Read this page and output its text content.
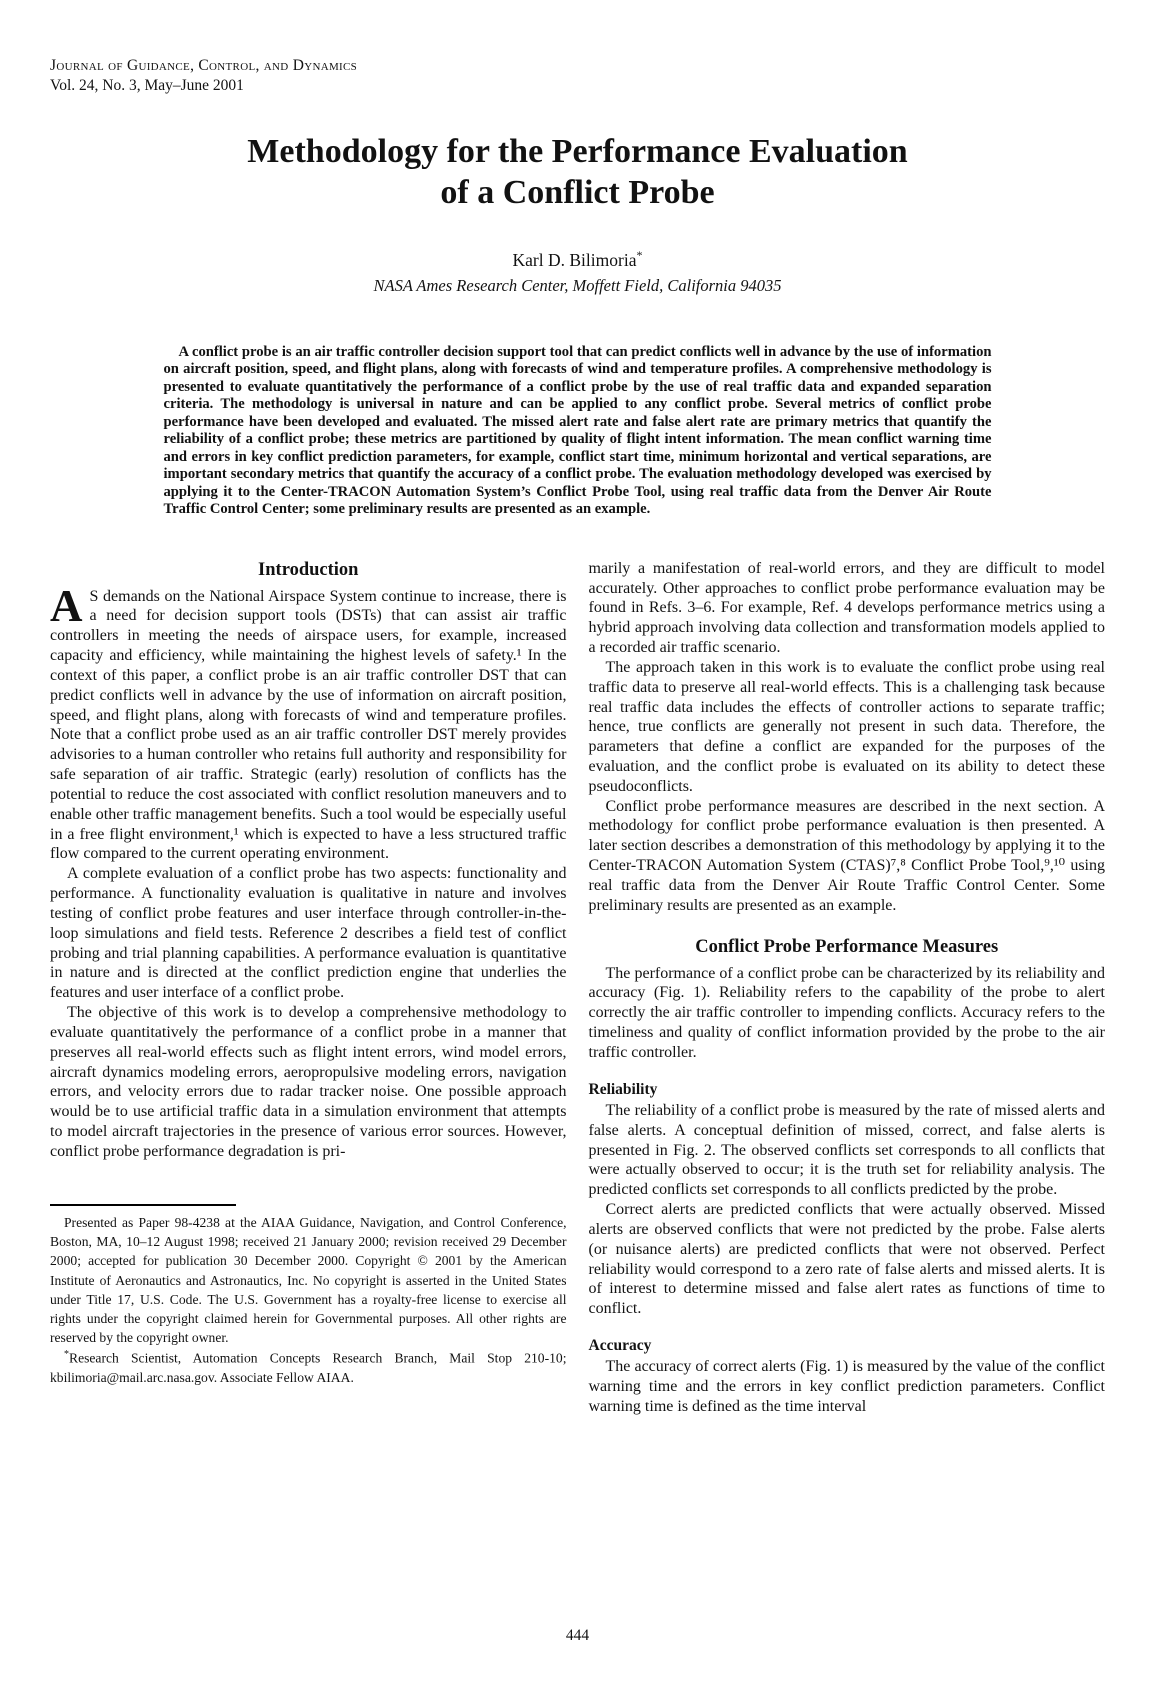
Journal of Guidance, Control, and Dynamics
Vol. 24, No. 3, May–June 2001
Methodology for the Performance Evaluation
of a Conflict Probe
Karl D. Bilimoria*
NASA Ames Research Center, Moffett Field, California 94035
A conflict probe is an air traffic controller decision support tool that can predict conflicts well in advance by the use of information on aircraft position, speed, and flight plans, along with forecasts of wind and temperature profiles. A comprehensive methodology is presented to evaluate quantitatively the performance of a conflict probe by the use of real traffic data and expanded separation criteria. The methodology is universal in nature and can be applied to any conflict probe. Several metrics of conflict probe performance have been developed and evaluated. The missed alert rate and false alert rate are primary metrics that quantify the reliability of a conflict probe; these metrics are partitioned by quality of flight intent information. The mean conflict warning time and errors in key conflict prediction parameters, for example, conflict start time, minimum horizontal and vertical separations, are important secondary metrics that quantify the accuracy of a conflict probe. The evaluation methodology developed was exercised by applying it to the Center-TRACON Automation System’s Conflict Probe Tool, using real traffic data from the Denver Air Route Traffic Control Center; some preliminary results are presented as an example.
Introduction

A S demands on the National Airspace System continue to increase, there is a need for decision support tools (DSTs) that can assist air traffic controllers in meeting the needs of airspace users, for example, increased capacity and efficiency, while maintaining the highest levels of safety.¹ In the context of this paper, a conflict probe is an air traffic controller DST that can predict conflicts well in advance by the use of information on aircraft position, speed, and flight plans, along with forecasts of wind and temperature profiles. Note that a conflict probe used as an air traffic controller DST merely provides advisories to a human controller who retains full authority and responsibility for safe separation of air traffic. Strategic (early) resolution of conflicts has the potential to reduce the cost associated with conflict resolution maneuvers and to enable other traffic management benefits. Such a tool would be especially useful in a free flight environment,¹ which is expected to have a less structured traffic flow compared to the current operating environment.

A complete evaluation of a conflict probe has two aspects: functionality and performance. A functionality evaluation is qualitative in nature and involves testing of conflict probe features and user interface through controller-in-the-loop simulations and field tests. Reference 2 describes a field test of conflict probing and trial planning capabilities. A performance evaluation is quantitative in nature and is directed at the conflict prediction engine that underlies the features and user interface of a conflict probe.

The objective of this work is to develop a comprehensive methodology to evaluate quantitatively the performance of a conflict probe in a manner that preserves all real-world effects such as flight intent errors, wind model errors, aircraft dynamics modeling errors, aeropropulsive modeling errors, navigation errors, and velocity errors due to radar tracker noise. One possible approach would be to use artificial traffic data in a simulation environment that attempts to model aircraft trajectories in the presence of various error sources. However, conflict probe performance degradation is pri-

Presented as Paper 98-4238 at the AIAA Guidance, Navigation, and Control Conference, Boston, MA, 10–12 August 1998; received 21 January 2000; revision received 29 December 2000; accepted for publication 30 December 2000. Copyright © 2001 by the American Institute of Aeronautics and Astronautics, Inc. No copyright is asserted in the United States under Title 17, U.S. Code. The U.S. Government has a royalty-free license to exercise all rights under the copyright claimed herein for Governmental purposes. All other rights are reserved by the copyright owner.

*Research Scientist, Automation Concepts Research Branch, Mail Stop 210-10; kbilimoria@mail.arc.nasa.gov. Associate Fellow AIAA.

marily a manifestation of real-world errors, and they are difficult to model accurately. Other approaches to conflict probe performance evaluation may be found in Refs. 3–6. For example, Ref. 4 develops performance metrics using a hybrid approach involving data collection and transformation models applied to a recorded air traffic scenario.

The approach taken in this work is to evaluate the conflict probe using real traffic data to preserve all real-world effects. This is a challenging task because real traffic data includes the effects of controller actions to separate traffic; hence, true conflicts are generally not present in such data. Therefore, the parameters that define a conflict are expanded for the purposes of the evaluation, and the conflict probe is evaluated on its ability to detect these pseudoconflicts.

Conflict probe performance measures are described in the next section. A methodology for conflict probe performance evaluation is then presented. A later section describes a demonstration of this methodology by applying it to the Center-TRACON Automation System (CTAS)⁷,⁸ Conflict Probe Tool,⁹,¹⁰ using real traffic data from the Denver Air Route Traffic Control Center. Some preliminary results are presented as an example.

Conflict Probe Performance Measures

The performance of a conflict probe can be characterized by its reliability and accuracy (Fig. 1). Reliability refers to the capability of the probe to alert correctly the air traffic controller to impending conflicts. Accuracy refers to the timeliness and quality of conflict information provided by the probe to the air traffic controller.

Reliability

The reliability of a conflict probe is measured by the rate of missed alerts and false alerts. A conceptual definition of missed, correct, and false alerts is presented in Fig. 2. The observed conflicts set corresponds to all conflicts that were actually observed to occur; it is the truth set for reliability analysis. The predicted conflicts set corresponds to all conflicts predicted by the probe.

Correct alerts are predicted conflicts that were actually observed. Missed alerts are observed conflicts that were not predicted by the probe. False alerts (or nuisance alerts) are predicted conflicts that were not observed. Perfect reliability would correspond to a zero rate of false alerts and missed alerts. It is of interest to determine missed and false alert rates as functions of time to conflict.

Accuracy

The accuracy of correct alerts (Fig. 1) is measured by the value of the conflict warning time and the errors in key conflict prediction parameters. Conflict warning time is defined as the time interval

444
